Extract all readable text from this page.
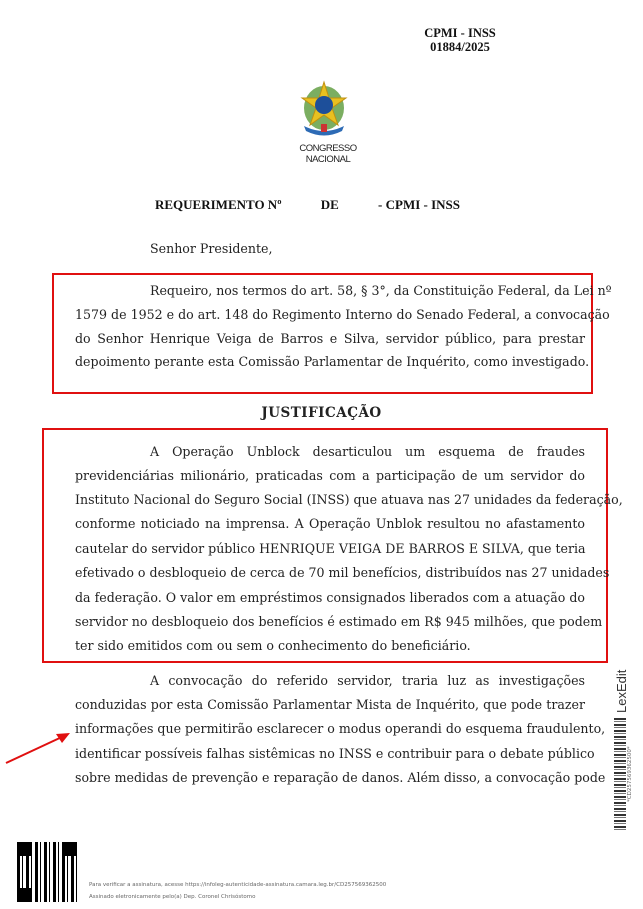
CPMI - INSS
01884/2025
CONGRESSO NACIONAL
REQUERIMENTO Nº	DE	- CPMI - INSS
Senhor Presidente,
Requeiro, nos termos do art. 58, § 3°, da Constituição Federal, da Lei nº
1579 de 1952 e do art. 148 do Regimento Interno do Senado Federal, a convocação
do Senhor Henrique Veiga de Barros e Silva, servidor público, para prestar
depoimento perante esta Comissão Parlamentar de Inquérito, como investigado.
JUSTIFICAÇÃO
A Operação Unblock desarticulou um esquema de fraudes
previdenciárias milionário, praticadas com a participação de um servidor do
Instituto Nacional do Seguro Social (INSS) que atuava nas 27 unidades da federação,
conforme noticiado na imprensa. A Operação Unblok resultou no afastamento
cautelar do servidor público HENRIQUE VEIGA DE BARROS E SILVA, que teria
efetivado o desbloqueio de cerca de 70 mil benefícios, distribuídos nas 27 unidades
da federação. O valor em empréstimos consignados liberados com a atuação do
servidor no desbloqueio dos benefícios é estimado em R$ 945 milhões, que podem
ter sido emitidos com ou sem o conhecimento do beneficiário.
A convocação do referido servidor, traria luz as investigações
conduzidas por esta Comissão Parlamentar Mista de Inquérito, que pode trazer
informações que permitirão esclarecer o modus operandi do esquema fraudulento,
identificar possíveis falhas sistêmicas no INSS e contribuir para o debate público
sobre medidas de prevenção e reparação de danos. Além disso, a convocação pode
LexEdit
*CD257569362500*
Para verificar a assinatura, acesse https://infoleg-autenticidade-assinatura.camara.leg.br/CD257569362500
Assinado eletronicamente pelo(a) Dep. Coronel Chrisóstomo
